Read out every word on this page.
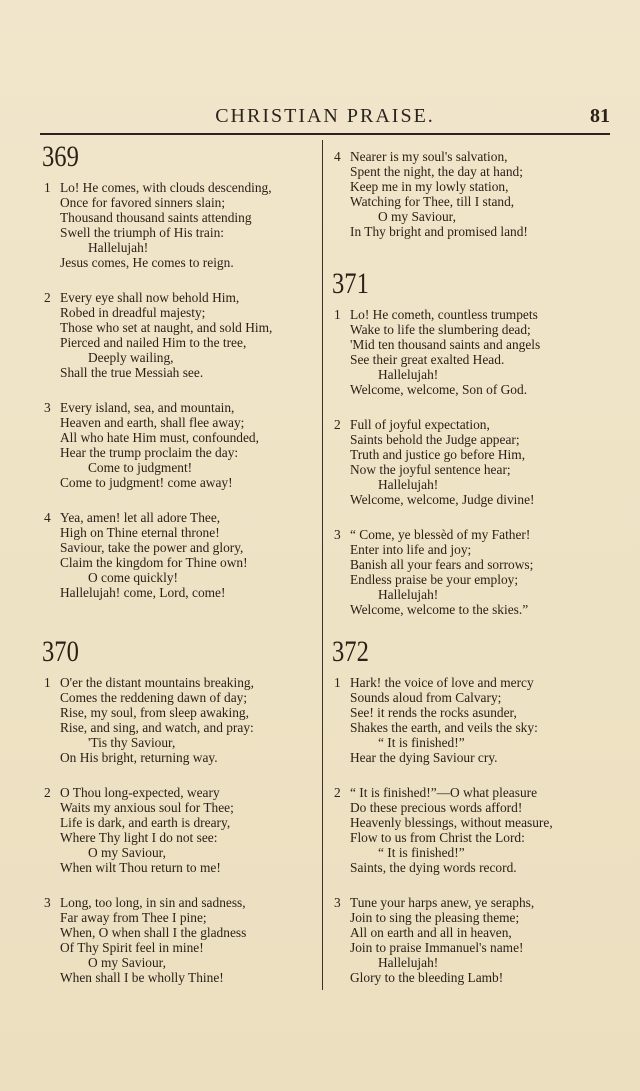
CHRISTIAN PRAISE.	81
369
1 Lo! He comes, with clouds descending,
Once for favored sinners slain;
Thousand thousand saints attending
Swell the triumph of His train:
Hallelujah!
Jesus comes, He comes to reign.
2 Every eye shall now behold Him,
Robed in dreadful majesty;
Those who set at naught, and sold Him,
Pierced and nailed Him to the tree,
Deeply wailing,
Shall the true Messiah see.
3 Every island, sea, and mountain,
Heaven and earth, shall flee away;
All who hate Him must, confounded,
Hear the trump proclaim the day:
Come to judgment!
Come to judgment! come away!
4 Yea, amen! let all adore Thee,
High on Thine eternal throne!
Saviour, take the power and glory,
Claim the kingdom for Thine own!
O come quickly!
Hallelujah! come, Lord, come!
370
1 O'er the distant mountains breaking,
Comes the reddening dawn of day;
Rise, my soul, from sleep awaking,
Rise, and sing, and watch, and pray:
'Tis thy Saviour,
On His bright, returning way.
2 O Thou long-expected, weary
Waits my anxious soul for Thee;
Life is dark, and earth is dreary,
Where Thy light I do not see:
O my Saviour,
When wilt Thou return to me!
3 Long, too long, in sin and sadness,
Far away from Thee I pine;
When, O when shall I the gladness
Of Thy Spirit feel in mine!
O my Saviour,
When shall I be wholly Thine!
4 Nearer is my soul's salvation,
Spent the night, the day at hand;
Keep me in my lowly station,
Watching for Thee, till I stand,
O my Saviour,
In Thy bright and promised land!
371
1 Lo! He cometh, countless trumpets
Wake to life the slumbering dead;
'Mid ten thousand saints and angels
See their great exalted Head.
Hallelujah!
Welcome, welcome, Son of God.
2 Full of joyful expectation,
Saints behold the Judge appear;
Truth and justice go before Him,
Now the joyful sentence hear;
Hallelujah!
Welcome, welcome, Judge divine!
3 “ Come, ye blessèd of my Father!
Enter into life and joy;
Banish all your fears and sorrows;
Endless praise be your employ;
Hallelujah!
Welcome, welcome to the skies.”
372
1 Hark! the voice of love and mercy
Sounds aloud from Calvary;
See! it rends the rocks asunder,
Shakes the earth, and veils the sky:
“ It is finished!”
Hear the dying Saviour cry.
2 “ It is finished!”—O what pleasure
Do these precious words afford!
Heavenly blessings, without measure,
Flow to us from Christ the Lord:
“ It is finished!”
Saints, the dying words record.
3 Tune your harps anew, ye seraphs,
Join to sing the pleasing theme;
All on earth and all in heaven,
Join to praise Immanuel's name!
Hallelujah!
Glory to the bleeding Lamb!
